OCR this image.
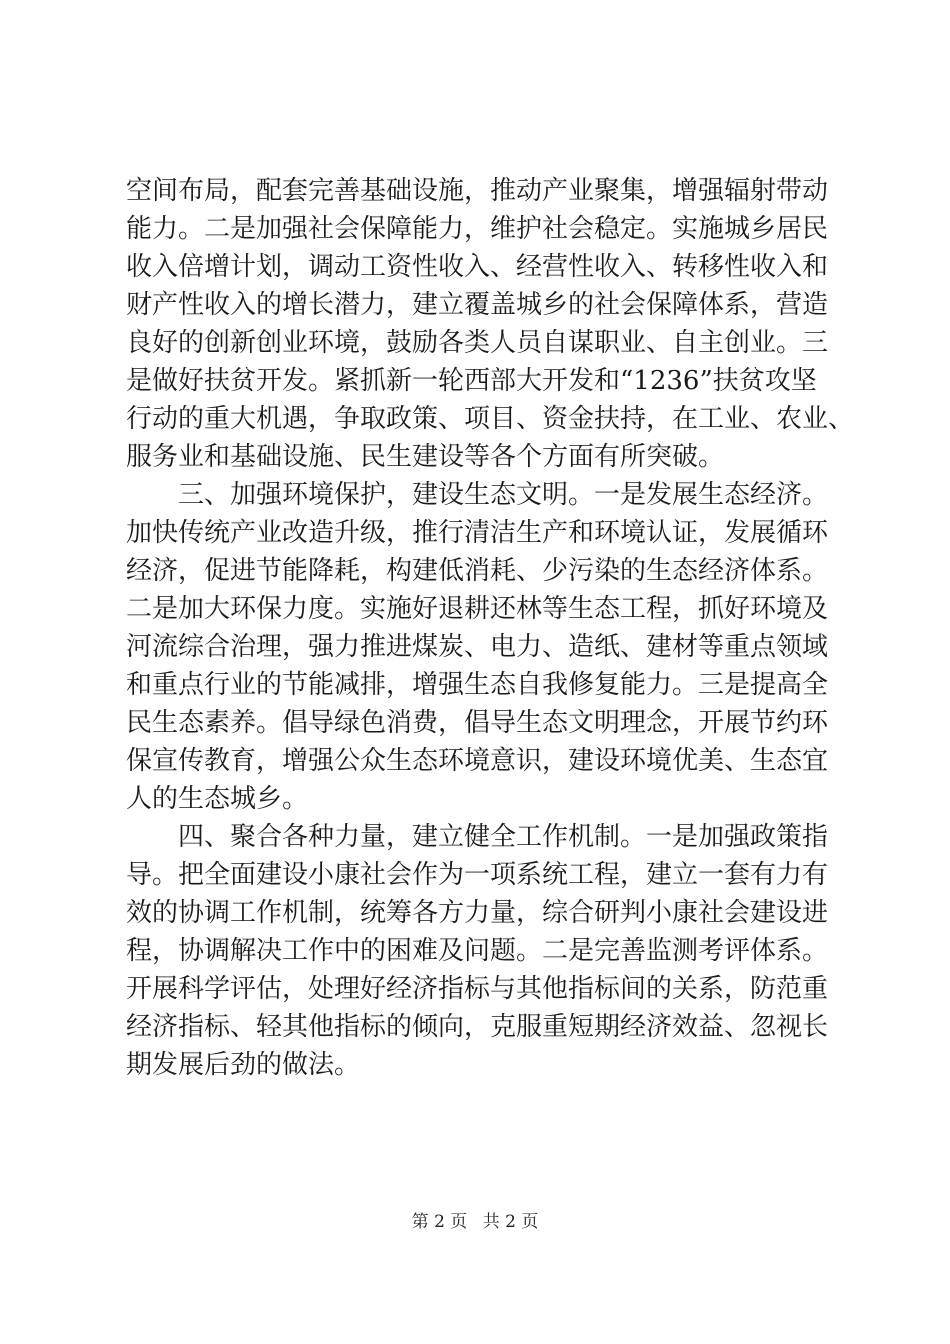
空间布局，配套完善基础设施，推动产业聚集，增强辐射带动
能力。二是加强社会保障能力，维护社会稳定。实施城乡居民
收入倍增计划，调动工资性收入、经营性收入、转移性收入和
财产性收入的增长潜力，建立覆盖城乡的社会保障体系，营造
良好的创新创业环境，鼓励各类人员自谋职业、自主创业。三
是做好扶贫开发。紧抓新一轮西部大开发和“1236”扶贫攻坚
行动的重大机遇，争取政策、项目、资金扶持，在工业、农业、
服务业和基础设施、民生建设等各个方面有所突破。
三、加强环境保护，建设生态文明。一是发展生态经济。
加快传统产业改造升级，推行清洁生产和环境认证，发展循环
经济，促进节能降耗，构建低消耗、少污染的生态经济体系。
二是加大环保力度。实施好退耕还林等生态工程，抓好环境及
河流综合治理，强力推进煤炭、电力、造纸、建材等重点领域
和重点行业的节能减排，增强生态自我修复能力。三是提高全
民生态素养。倡导绿色消费，倡导生态文明理念，开展节约环
保宣传教育，增强公众生态环境意识，建设环境优美、生态宜
人的生态城乡。
四、聚合各种力量，建立健全工作机制。一是加强政策指
导。把全面建设小康社会作为一项系统工程，建立一套有力有
效的协调工作机制，统筹各方力量，综合研判小康社会建设进
程，协调解决工作中的困难及问题。二是完善监测考评体系。
开展科学评估，处理好经济指标与其他指标间的关系，防范重
经济指标、轻其他指标的倾向，克服重短期经济效益、忽视长
期发展后劲的做法。
第 2 页 共 2 页
